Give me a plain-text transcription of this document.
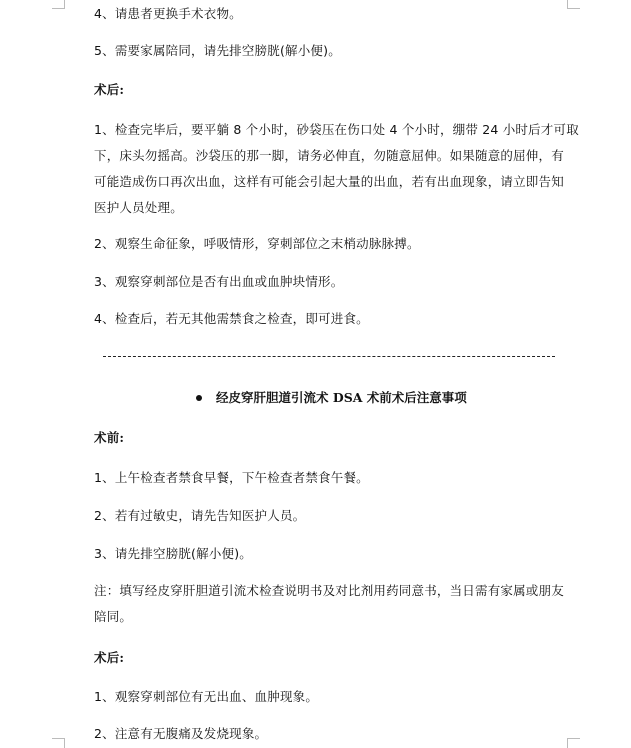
4、请患者更换手术衣物。
5、需要家属陪同，请先排空膀胱(解小便)。
术后:
1、检查完毕后，要平躺 8 个小时，砂袋压在伤口处 4 个小时，绷带 24 小时后才可取
下，床头勿摇高。沙袋压的那一脚，请务必伸直，勿随意屈伸。如果随意的屈伸，有
可能造成伤口再次出血，这样有可能会引起大量的出血，若有出血现象，请立即告知
医护人员处理。
2、观察生命征象，呼吸情形，穿刺部位之末梢动脉脉搏。
3、观察穿刺部位是否有出血或血肿块情形。
4、检查后，若无其他需禁食之检查，即可进食。
经皮穿肝胆道引流术 DSA 术前术后注意事项
术前:
1、上午检查者禁食早餐，下午检查者禁食午餐。
2、若有过敏史，请先告知医护人员。
3、请先排空膀胱(解小便)。
注：填写经皮穿肝胆道引流术检查说明书及对比剂用药同意书，当日需有家属或朋友
陪同。
术后:
1、观察穿刺部位有无出血、血肿现象。
2、注意有无腹痛及发烧现象。
